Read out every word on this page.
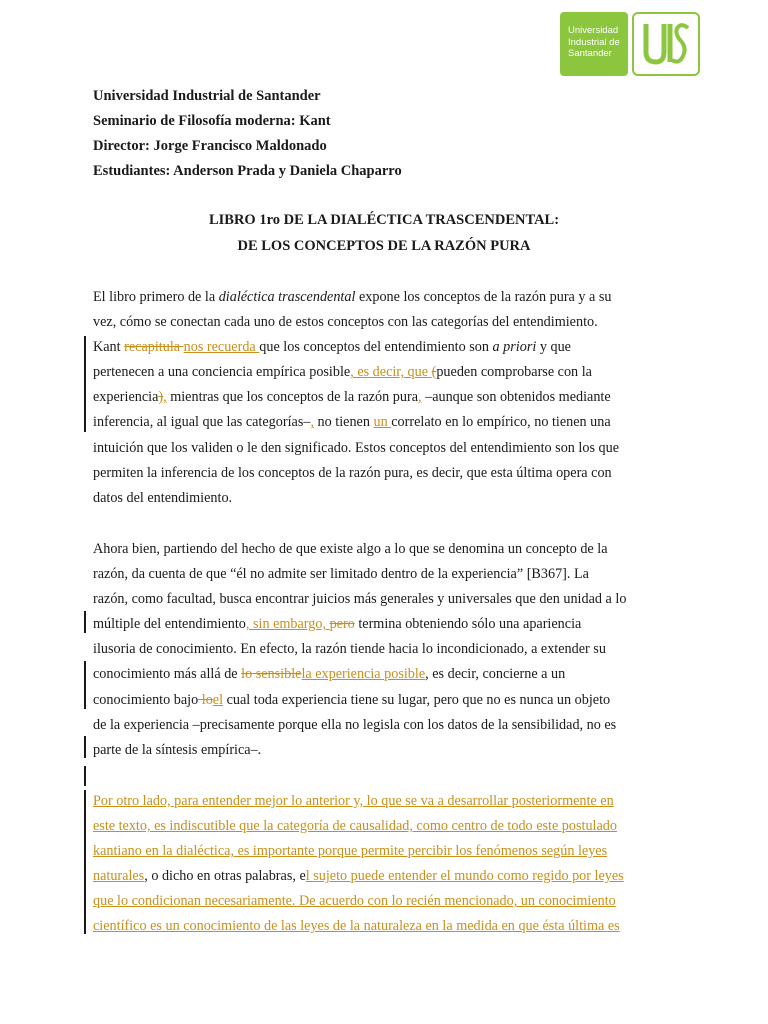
Universidad
Industrial de
Santander
Universidad Industrial de Santander
Seminario de Filosofía moderna: Kant
Director: Jorge Francisco Maldonado
Estudiantes: Anderson Prada y Daniela Chaparro
LIBRO 1ro DE LA DIALÉCTICA TRASCENDENTAL:
DE LOS CONCEPTOS DE LA RAZÓN PURA
El libro primero de la dialéctica trascendental expone los conceptos de la razón pura y a su
vez, cómo se conectan cada uno de estos conceptos con las categorías del entendimiento.
Kant recapitula nos recuerda que los conceptos del entendimiento son a priori y que
pertenecen a una conciencia empírica posible, es decir, que (pueden comprobarse con la
experiencia), mientras que los conceptos de la razón pura, –aunque son obtenidos mediante
inferencia, al igual que las categorías–, no tienen un correlato en lo empírico, no tienen una
intuición que los validen o le den significado. Estos conceptos del entendimiento son los que
permiten la inferencia de los conceptos de la razón pura, es decir, que esta última opera con
datos del entendimiento.
Ahora bien, partiendo del hecho de que existe algo a lo que se denomina un concepto de la
razón, da cuenta de que “él no admite ser limitado dentro de la experiencia” [B367]. La
razón, como facultad, busca encontrar juicios más generales y universales que den unidad a lo
múltiple del entendimiento, sin embargo, pero termina obteniendo sólo una apariencia
ilusoria de conocimiento. En efecto, la razón tiende hacia lo incondicionado, a extender su
conocimiento más allá de lo sensiblela experiencia posible, es decir, concierne a un
conocimiento bajo loel cual toda experiencia tiene su lugar, pero que no es nunca un objeto
de la experiencia –precisamente porque ella no legisla con los datos de la sensibilidad, no es
parte de la síntesis empírica–.
Por otro lado, para entender mejor lo anterior y, lo que se va a desarrollar posteriormente en
este texto, es indiscutible que la categoría de causalidad, como centro de todo este postulado
kantiano en la dialéctica, es importante porque permite percibir los fenómenos según leyes
naturales, o dicho en otras palabras, el sujeto puede entender el mundo como regido por leyes
que lo condicionan necesariamente. De acuerdo con lo recién mencionado, un conocimiento
científico es un conocimiento de las leyes de la naturaleza en la medida en que ésta última es
